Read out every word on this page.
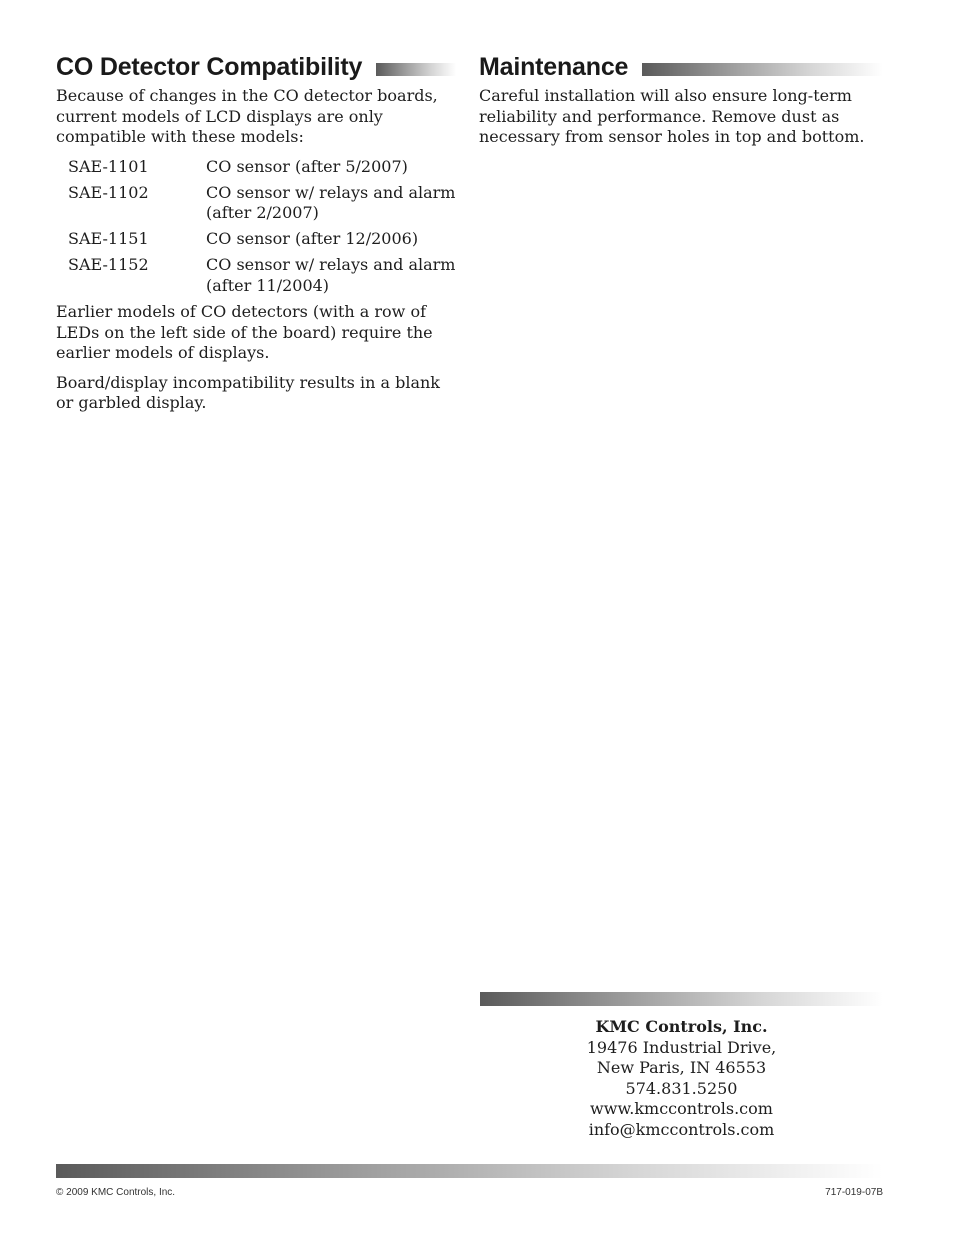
CO Detector Compatibility

Because of changes in the CO detector boards, current models of LCD displays are only compatible with these models:

SAE-1101	CO sensor (after 5/2007)
SAE-1102	CO sensor w/ relays and alarm (after 2/2007)
SAE-1151	CO sensor (after 12/2006)
SAE-1152	CO sensor w/ relays and alarm (after 11/2004)

Earlier models of CO detectors (with a row of LEDs on the left side of the board) require the earlier models of displays.

Board/display incompatibility results in a blank or garbled display.

Maintenance

Careful installation will also ensure long-term reliability and performance. Remove dust as necessary from sensor holes in top and bottom.

KMC Controls, Inc.
19476 Industrial Drive,
New Paris, IN 46553
574.831.5250
www.kmccontrols.com
info@kmccontrols.com
© 2009 KMC Controls, Inc.	717-019-07B
